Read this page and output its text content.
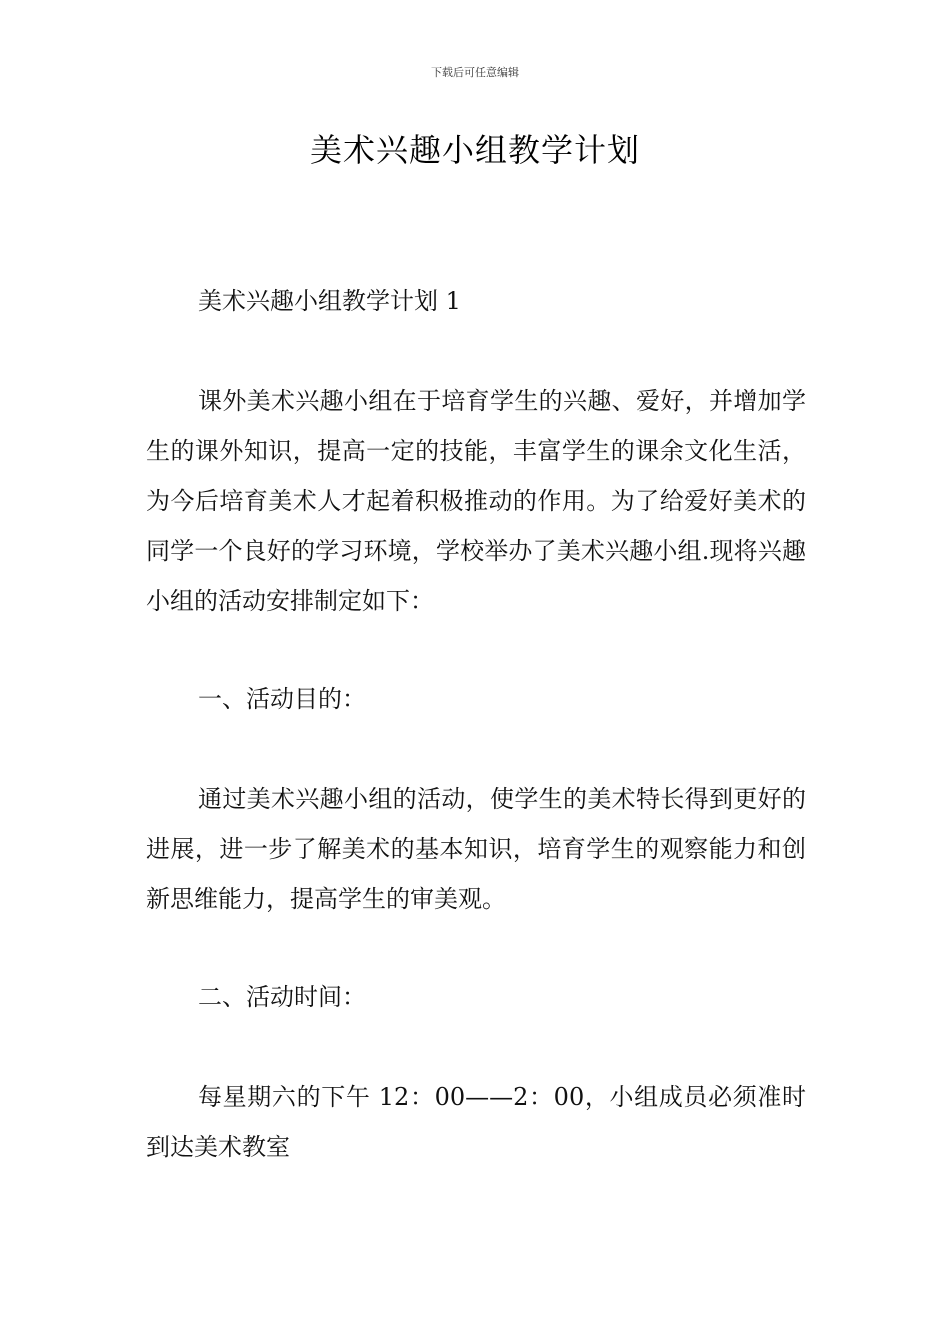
下载后可任意编辑
美术兴趣小组教学计划

美术兴趣小组教学计划 1

课外美术兴趣小组在于培育学生的兴趣、爱好，并增加学生的课外知识，提高一定的技能，丰富学生的课余文化生活，为今后培育美术人才起着积极推动的作用。为了给爱好美术的同学一个良好的学习环境，学校举办了美术兴趣小组.现将兴趣小组的活动安排制定如下：

一、活动目的：

通过美术兴趣小组的活动，使学生的美术特长得到更好的进展，进一步了解美术的基本知识，培育学生的观察能力和创新思维能力，提高学生的审美观。

二、活动时间：

每星期六的下午 12：00——2：00，小组成员必须准时到达美术教室
